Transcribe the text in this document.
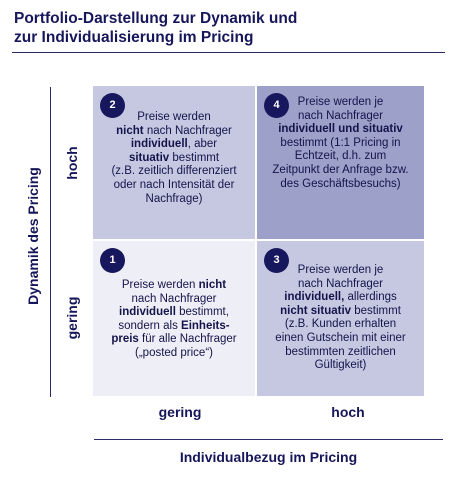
Portfolio-Darstellung zur Dynamik und
zur Individualisierung im Pricing
Dynamik des Pricing
hoch
gering
2
Preise werden
nicht nach Nachfrager
individuell, aber
situativ bestimmt
(z.B. zeitlich differenziert
oder nach Intensität der
Nachfrage)
4	Preise werden je
nach Nachfrager
individuell und situativ
bestimmt (1:1 Pricing in
Echtzeit, d.h. zum
Zeitpunkt der Anfrage bzw.
des Geschäftsbesuchs)
1
Preise werden nicht
nach Nachfrager
individuell bestimmt,
sondern als Einheits-
preis für alle Nachfrager
(„posted price“)
3
Preise werden je
nach Nachfrager
individuell, allerdings
nicht situativ bestimmt
(z.B. Kunden erhalten
einen Gutschein mit einer
bestimmten zeitlichen
Gültigkeit)
gering	hoch
Individualbezug im Pricing
